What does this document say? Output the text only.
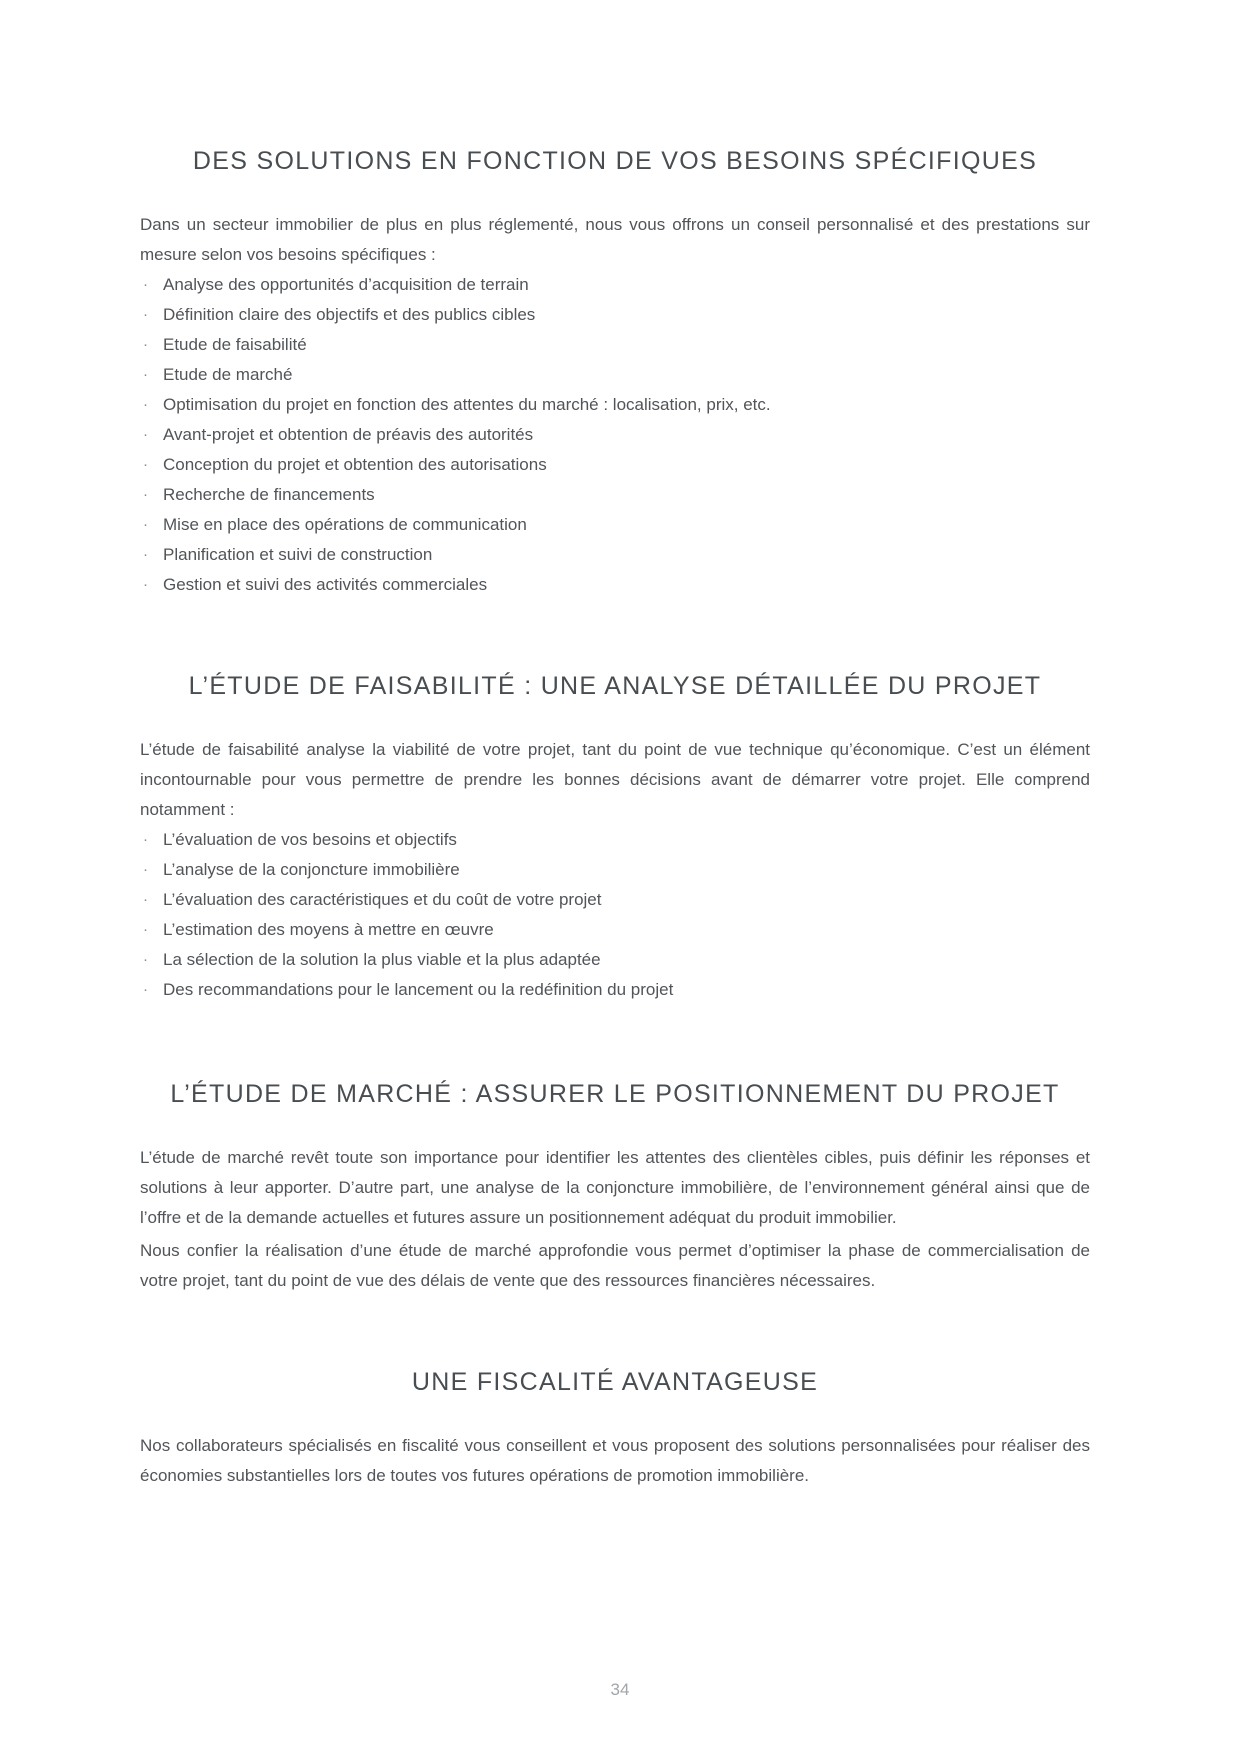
DES SOLUTIONS EN FONCTION DE VOS BESOINS SPÉCIFIQUES

Dans un secteur immobilier de plus en plus réglementé, nous vous offrons un conseil personnalisé et des prestations sur mesure selon vos besoins spécifiques :

· Analyse des opportunités d’acquisition de terrain
· Définition claire des objectifs et des publics cibles
· Etude de faisabilité
· Etude de marché
· Optimisation du projet en fonction des attentes du marché : localisation, prix, etc.
· Avant-projet et obtention de préavis des autorités
· Conception du projet et obtention des autorisations
· Recherche de financements
· Mise en place des opérations de communication
· Planification et suivi de construction
· Gestion et suivi des activités commerciales
L’ÉTUDE DE FAISABILITÉ : UNE ANALYSE DÉTAILLÉE DU PROJET

L’étude de faisabilité analyse la viabilité de votre projet, tant du point de vue technique qu’économique. C’est un élément incontournable pour vous permettre de prendre les bonnes décisions avant de démarrer votre projet. Elle comprend notamment :

· L’évaluation de vos besoins et objectifs
· L’analyse de la conjoncture immobilière
· L’évaluation des caractéristiques et du coût de votre projet
· L’estimation des moyens à mettre en œuvre
· La sélection de la solution la plus viable et la plus adaptée
· Des recommandations pour le lancement ou la redéfinition du projet
L’ÉTUDE DE MARCHÉ : ASSURER LE POSITIONNEMENT DU PROJET

L’étude de marché revêt toute son importance pour identifier les attentes des clientèles cibles, puis définir les réponses et solutions à leur apporter. D’autre part, une analyse de la conjoncture immobilière, de l’environnement général ainsi que de l’offre et de la demande actuelles et futures assure un positionnement adéquat du produit immobilier.

Nous confier la réalisation d’une étude de marché approfondie vous permet d’optimiser la phase de commercialisation de votre projet, tant du point de vue des délais de vente que des ressources financières nécessaires.

UNE FISCALITÉ AVANTAGEUSE

Nos collaborateurs spécialisés en fiscalité vous conseillent et vous proposent des solutions personnalisées pour réaliser des économies substantielles lors de toutes vos futures opérations de promotion immobilière.

34
